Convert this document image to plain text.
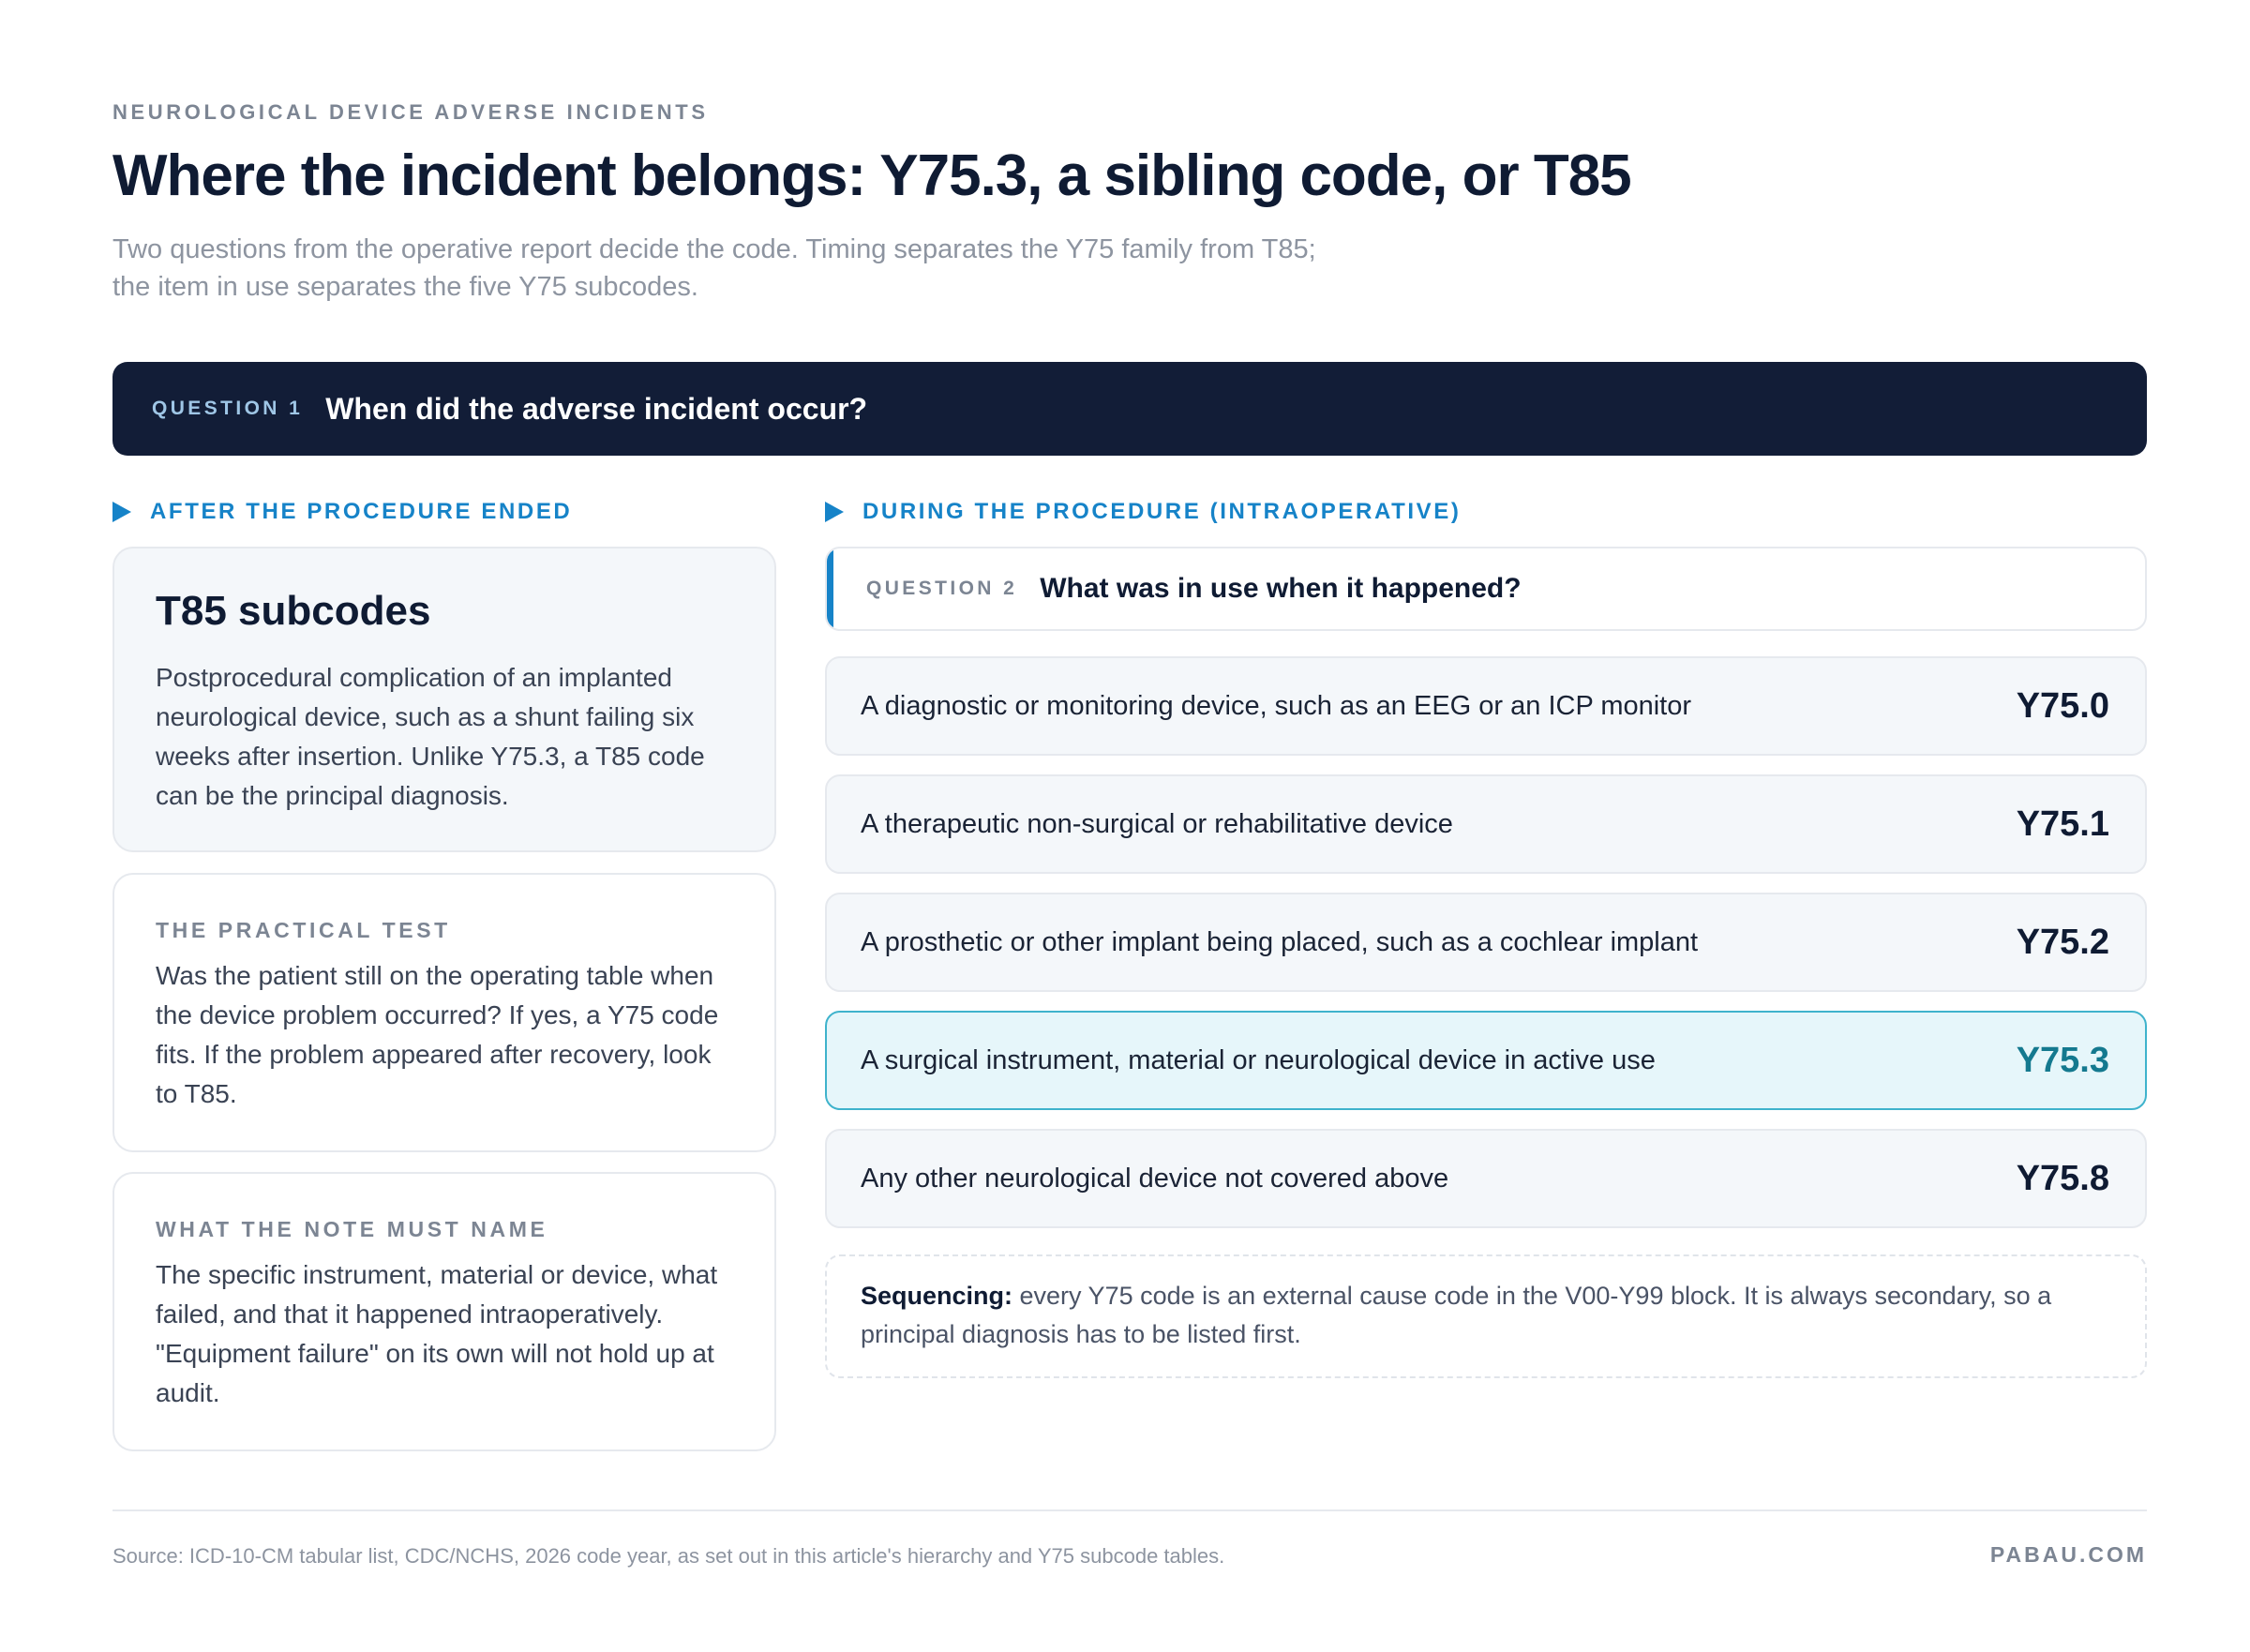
NEUROLOGICAL DEVICE ADVERSE INCIDENTS
Where the incident belongs: Y75.3, a sibling code, or T85

Two questions from the operative report decide the code. Timing separates the Y75 family from T85; the item in use separates the five Y75 subcodes.

QUESTION 1 When did the adverse incident occur?
AFTER THE PROCEDURE ENDED
T85 subcodes
Postprocedural complication of an implanted neurological device, such as a shunt failing six weeks after insertion. Unlike Y75.3, a T85 code can be the principal diagnosis.
THE PRACTICAL TEST
Was the patient still on the operating table when the device problem occurred? If yes, a Y75 code fits. If the problem appeared after recovery, look to T85.
WHAT THE NOTE MUST NAME
The specific instrument, material or device, what failed, and that it happened intraoperatively. "Equipment failure" on its own will not hold up at audit.
DURING THE PROCEDURE (INTRAOPERATIVE)
QUESTION 2 What was in use when it happened?
A diagnostic or monitoring device, such as an EEG or an ICP monitor	Y75.0
A therapeutic non-surgical or rehabilitative device	Y75.1
A prosthetic or other implant being placed, such as a cochlear implant	Y75.2
A surgical instrument, material or neurological device in active use	Y75.3
Any other neurological device not covered above	Y75.8
Sequencing: every Y75 code is an external cause code in the V00-Y99 block. It is always secondary, so a principal diagnosis has to be listed first.
Source: ICD-10-CM tabular list, CDC/NCHS, 2026 code year, as set out in this article's hierarchy and Y75 subcode tables.	PABAU.COM
